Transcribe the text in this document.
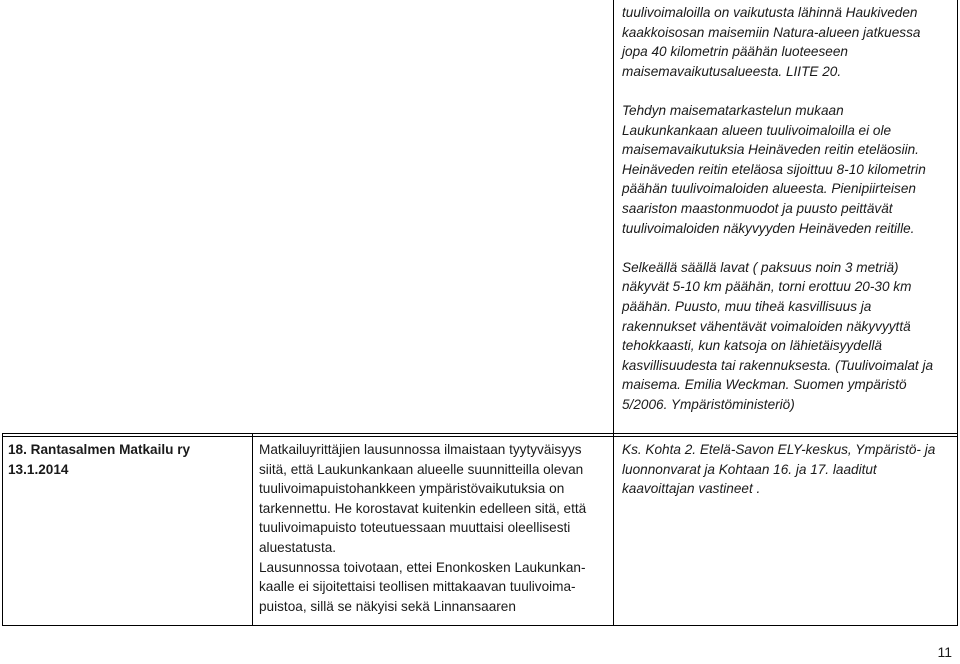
tuulivoimaloilla on vaikutusta lähinnä Haukiveden

kaakkoisosan maisemiin Natura-alueen jatkuessa

jopa 40 kilometrin päähän luoteeseen

maisemavaikutusalueesta. LIITE 20.

Tehdyn maisematarkastelun mukaan

Laukunkankaan alueen tuulivoimaloilla ei ole

maisemavaikutuksia Heinäveden reitin eteläosiin.

Heinäveden reitin eteläosa sijoittuu 8-10 kilometrin

päähän tuulivoimaloiden alueesta. Pienipiirteisen

saariston maastonmuodot ja puusto peittävät

tuulivoimaloiden näkyvyyden Heinäveden reitille.

Selkeällä säällä lavat ( paksuus noin 3 metriä)

näkyvät 5-10 km päähän, torni erottuu 20-30 km

päähän. Puusto, muu tiheä kasvillisuus ja

rakennukset vähentävät voimaloiden näkyvyyttä

tehokkaasti, kun katsoja on lähietäisyydellä

kasvillisuudesta tai rakennuksesta. (Tuulivoimalat ja

maisema. Emilia Weckman. Suomen ympäristö

5/2006. Ympäristöministeriö)

18. Rantasalmen Matkailu ry

13.1.2014

Matkailuyrittäjien lausunnossa ilmaistaan tyytyväisyys

siitä, että Laukunkankaan alueelle suunnitteilla olevan

tuulivoimapuistohankkeen ympäristövaikutuksia on

tarkennettu. He korostavat kuitenkin edelleen sitä, että

tuulivoimapuisto toteutuessaan muuttaisi oleellisesti

aluestatusta.

Lausunnossa toivotaan, ettei Enonkosken Laukunkan-

kaalle ei sijoitettaisi teollisen mittakaavan tuulivoima-

puistoa, sillä se näkyisi sekä Linnansaaren

Ks. Kohta 2. Etelä-Savon ELY-keskus, Ympäristö- ja

luonnonvarat ja Kohtaan 16. ja 17. laaditut

kaavoittajan vastineet .

11
